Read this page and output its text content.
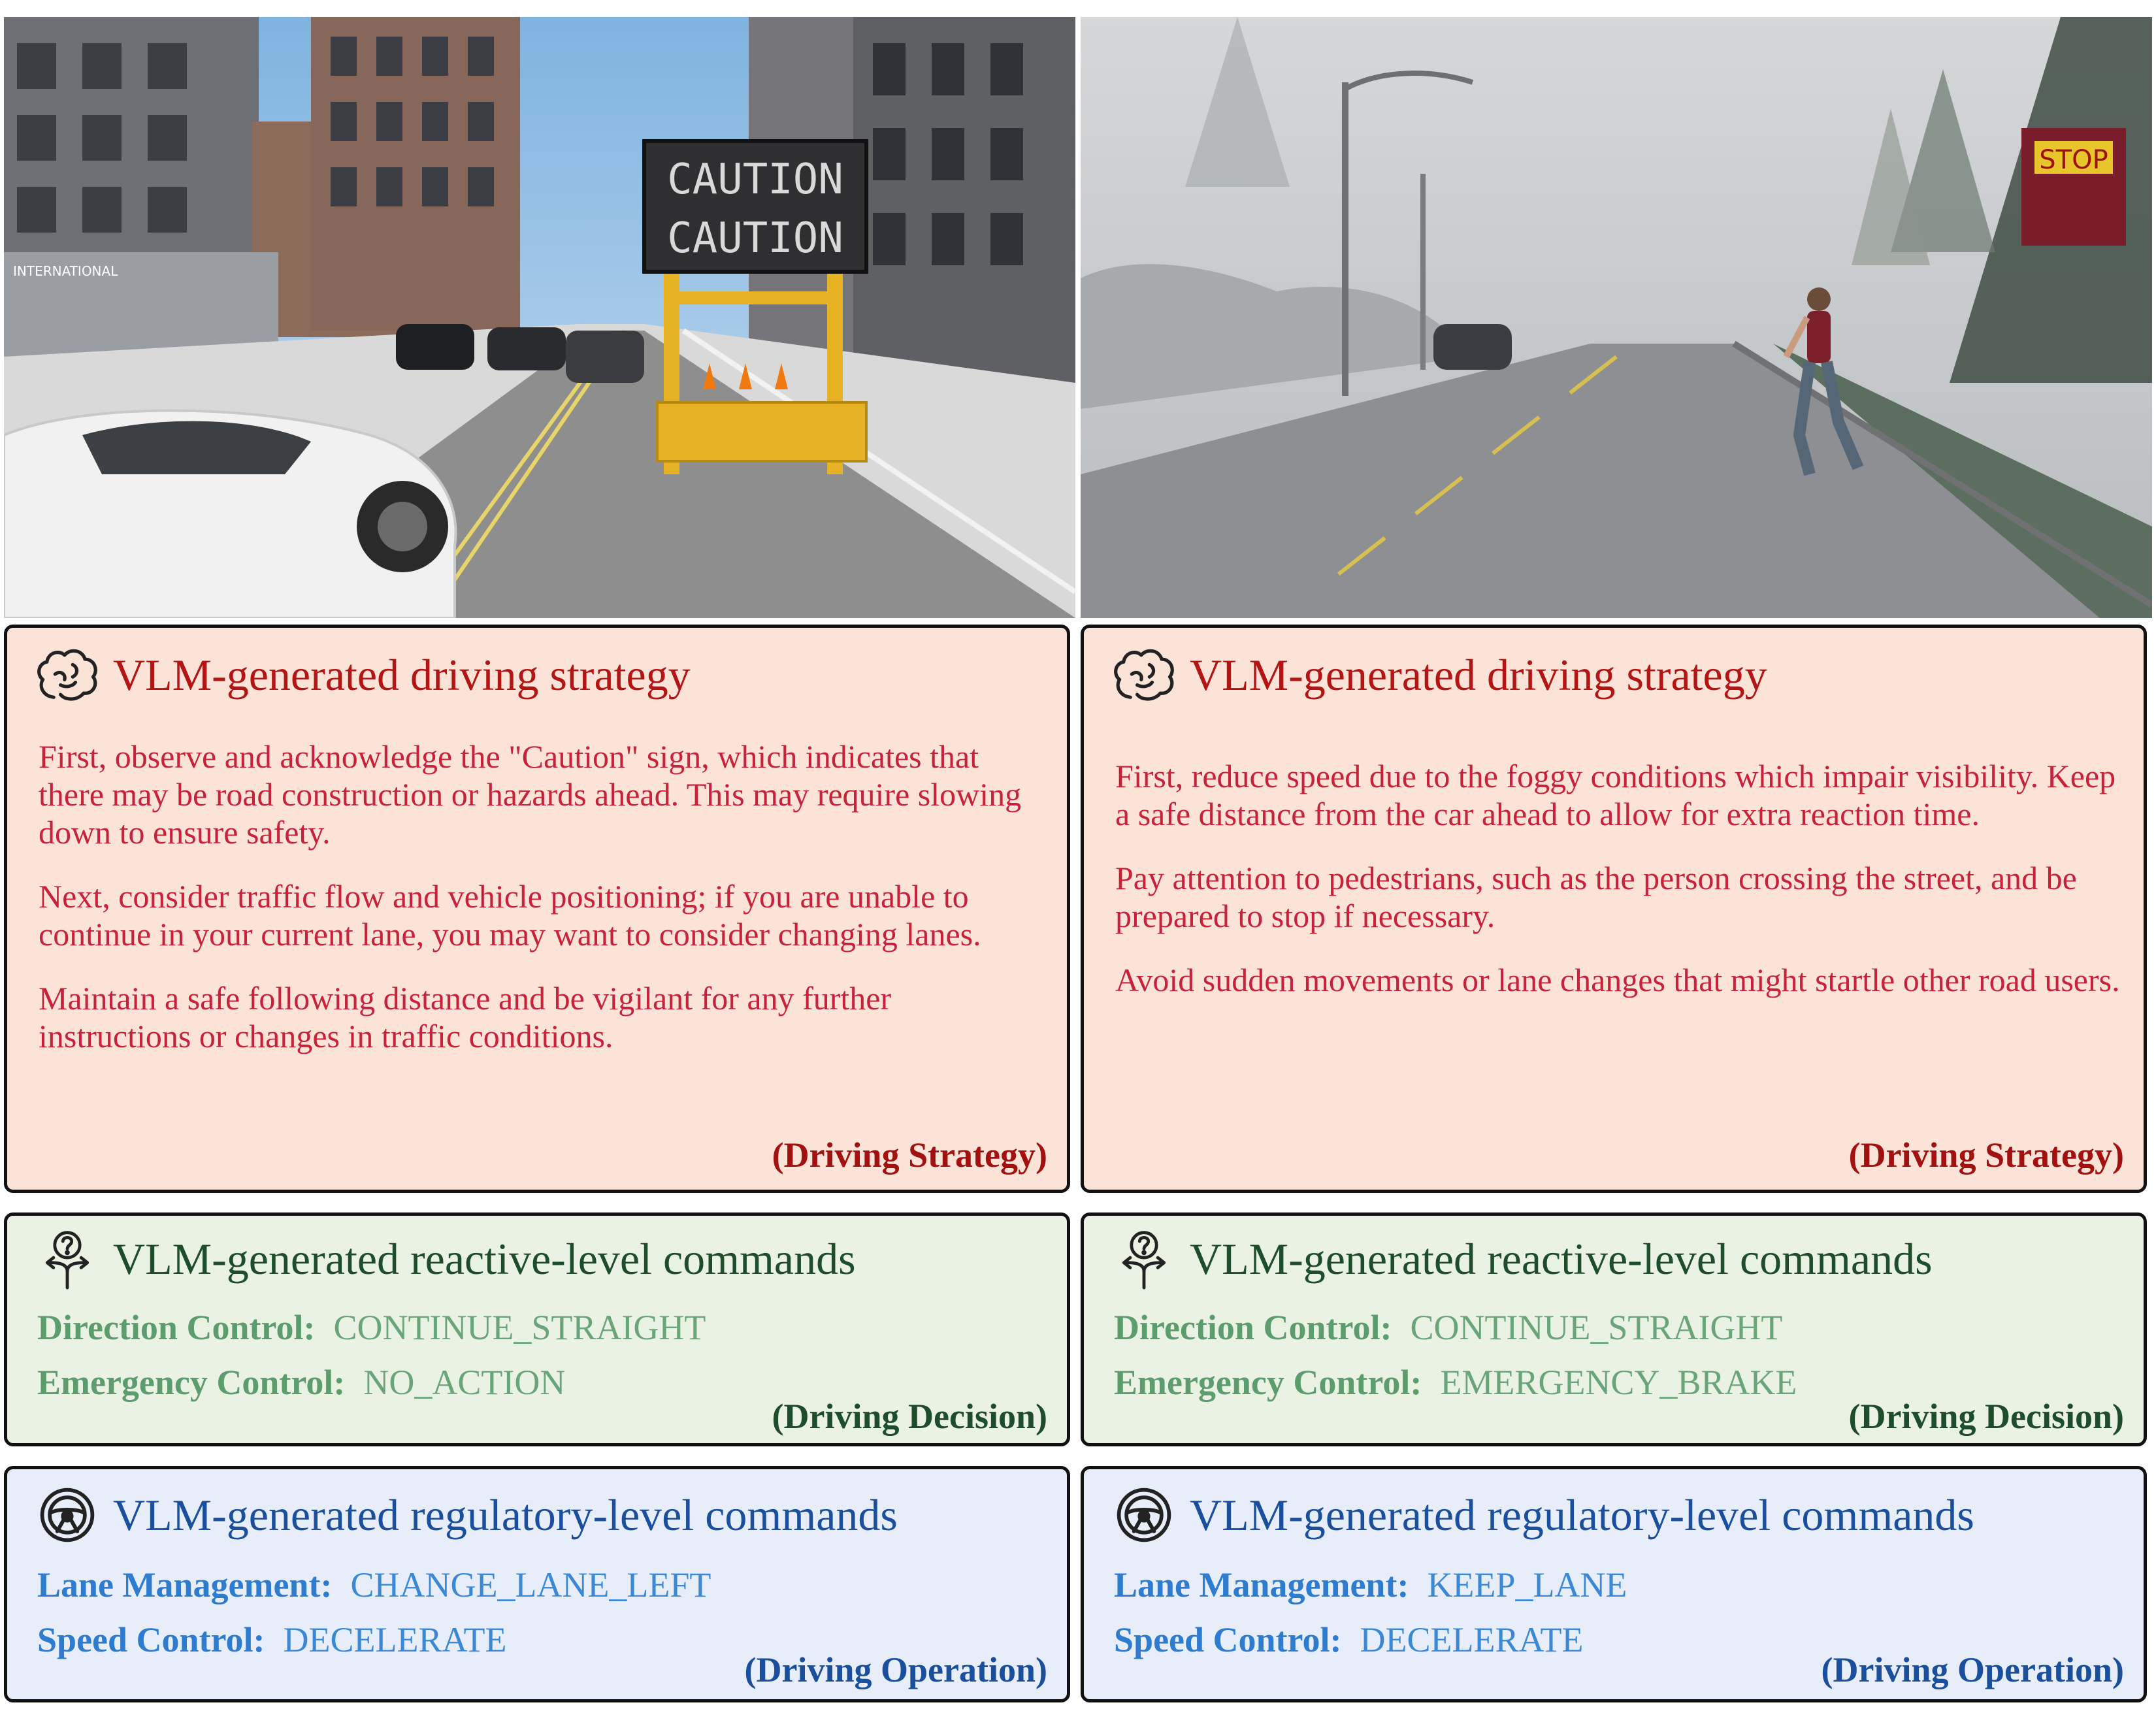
INTERNATIONAL
CAUTION
CAUTION
VLM-generated driving strategy

First, observe and acknowledge the "Caution" sign, which indicates that there may be road construction or hazards ahead. This may require slowing down to ensure safety.

Next, consider traffic flow and vehicle positioning; if you are unable to continue in your current lane, you may want to consider changing lanes.

Maintain a safe following distance and be vigilant for any further instructions or changes in traffic conditions.

(Driving Strategy)
VLM-generated reactive-level commands
Direction Control: CONTINUE_STRAIGHT
Emergency Control: NO_ACTION
(Driving Decision)
VLM-generated regulatory-level commands
Lane Management: CHANGE_LANE_LEFT
Speed Control: DECELERATE
(Driving Operation)
STOP
VLM-generated driving strategy

First, reduce speed due to the foggy conditions which impair visibility. Keep a safe distance from the car ahead to allow for extra reaction time.

Pay attention to pedestrians, such as the person crossing the street, and be prepared to stop if necessary.

Avoid sudden movements or lane changes that might startle other road users.

(Driving Strategy)
VLM-generated reactive-level commands
Direction Control: CONTINUE_STRAIGHT
Emergency Control: EMERGENCY_BRAKE
(Driving Decision)
VLM-generated regulatory-level commands
Lane Management: KEEP_LANE
Speed Control: DECELERATE
(Driving Operation)
